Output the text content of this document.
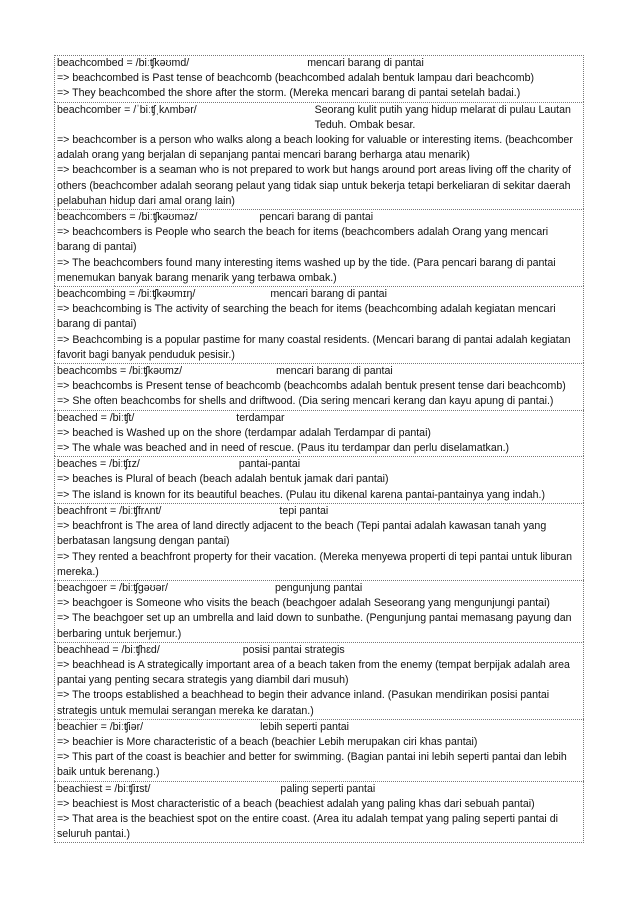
beachcombed = /biːʧkəʊmd/	mencari barang di pantai
=> beachcombed is Past tense of beachcomb (beachcombed adalah bentuk lampau dari beachcomb)
=> They beachcombed the shore after the storm. (Mereka mencari barang di pantai setelah badai.)
beachcomber = /ˈbiːʧˌkʌmbər/	Seorang kulit putih yang hidup melarat di pulau Lautan Teduh. Ombak besar.
=> beachcomber is a person who walks along a beach looking for valuable or interesting items. (beachcomber adalah orang yang berjalan di sepanjang pantai mencari barang berharga atau menarik)
=> beachcomber is a seaman who is not prepared to work but hangs around port areas living off the charity of others (beachcomber adalah seorang pelaut yang tidak siap untuk bekerja tetapi berkeliaran di sekitar daerah pelabuhan hidup dari amal orang lain)
beachcombers = /biːʧkəʊməz/	pencari barang di pantai
=> beachcombers is People who search the beach for items (beachcombers adalah Orang yang mencari barang di pantai)
=> The beachcombers found many interesting items washed up by the tide. (Para pencari barang di pantai menemukan banyak barang menarik yang terbawa ombak.)
beachcombing = /biːʧkəʊmɪŋ/	mencari barang di pantai
=> beachcombing is The activity of searching the beach for items (beachcombing adalah kegiatan mencari barang di pantai)
=> Beachcombing is a popular pastime for many coastal residents. (Mencari barang di pantai adalah kegiatan favorit bagi banyak penduduk pesisir.)
beachcombs = /biːʧkəʊmz/	mencari barang di pantai
=> beachcombs is Present tense of beachcomb (beachcombs adalah bentuk present tense dari beachcomb)
=> She often beachcombs for shells and driftwood. (Dia sering mencari kerang dan kayu apung di pantai.)
beached = /biːʧt/	terdampar
=> beached is Washed up on the shore (terdampar adalah Terdampar di pantai)
=> The whale was beached and in need of rescue. (Paus itu terdampar dan perlu diselamatkan.)
beaches = /biːʧɪz/	pantai-pantai
=> beaches is Plural of beach (beach adalah bentuk jamak dari pantai)
=> The island is known for its beautiful beaches. (Pulau itu dikenal karena pantai-pantainya yang indah.)
beachfront = /biːʧfrʌnt/	tepi pantai
=> beachfront is The area of land directly adjacent to the beach (Tepi pantai adalah kawasan tanah yang berbatasan langsung dengan pantai)
=> They rented a beachfront property for their vacation. (Mereka menyewa properti di tepi pantai untuk liburan mereka.)
beachgoer = /biːʧgəʊər/	pengunjung pantai
=> beachgoer is Someone who visits the beach (beachgoer adalah Seseorang yang mengunjungi pantai)
=> The beachgoer set up an umbrella and laid down to sunbathe. (Pengunjung pantai memasang payung dan berbaring untuk berjemur.)
beachhead = /biːʧhɛd/	posisi pantai strategis
=> beachhead is A strategically important area of a beach taken from the enemy (tempat berpijak adalah area pantai yang penting secara strategis yang diambil dari musuh)
=> The troops established a beachhead to begin their advance inland. (Pasukan mendirikan posisi pantai strategis untuk memulai serangan mereka ke daratan.)
beachier = /biːʧiər/	lebih seperti pantai
=> beachier is More characteristic of a beach (beachier Lebih merupakan ciri khas pantai)
=> This part of the coast is beachier and better for swimming. (Bagian pantai ini lebih seperti pantai dan lebih baik untuk berenang.)
beachiest = /biːʧiɪst/	paling seperti pantai
=> beachiest is Most characteristic of a beach (beachiest adalah yang paling khas dari sebuah pantai)
=> That area is the beachiest spot on the entire coast. (Area itu adalah tempat yang paling seperti pantai di seluruh pantai.)
